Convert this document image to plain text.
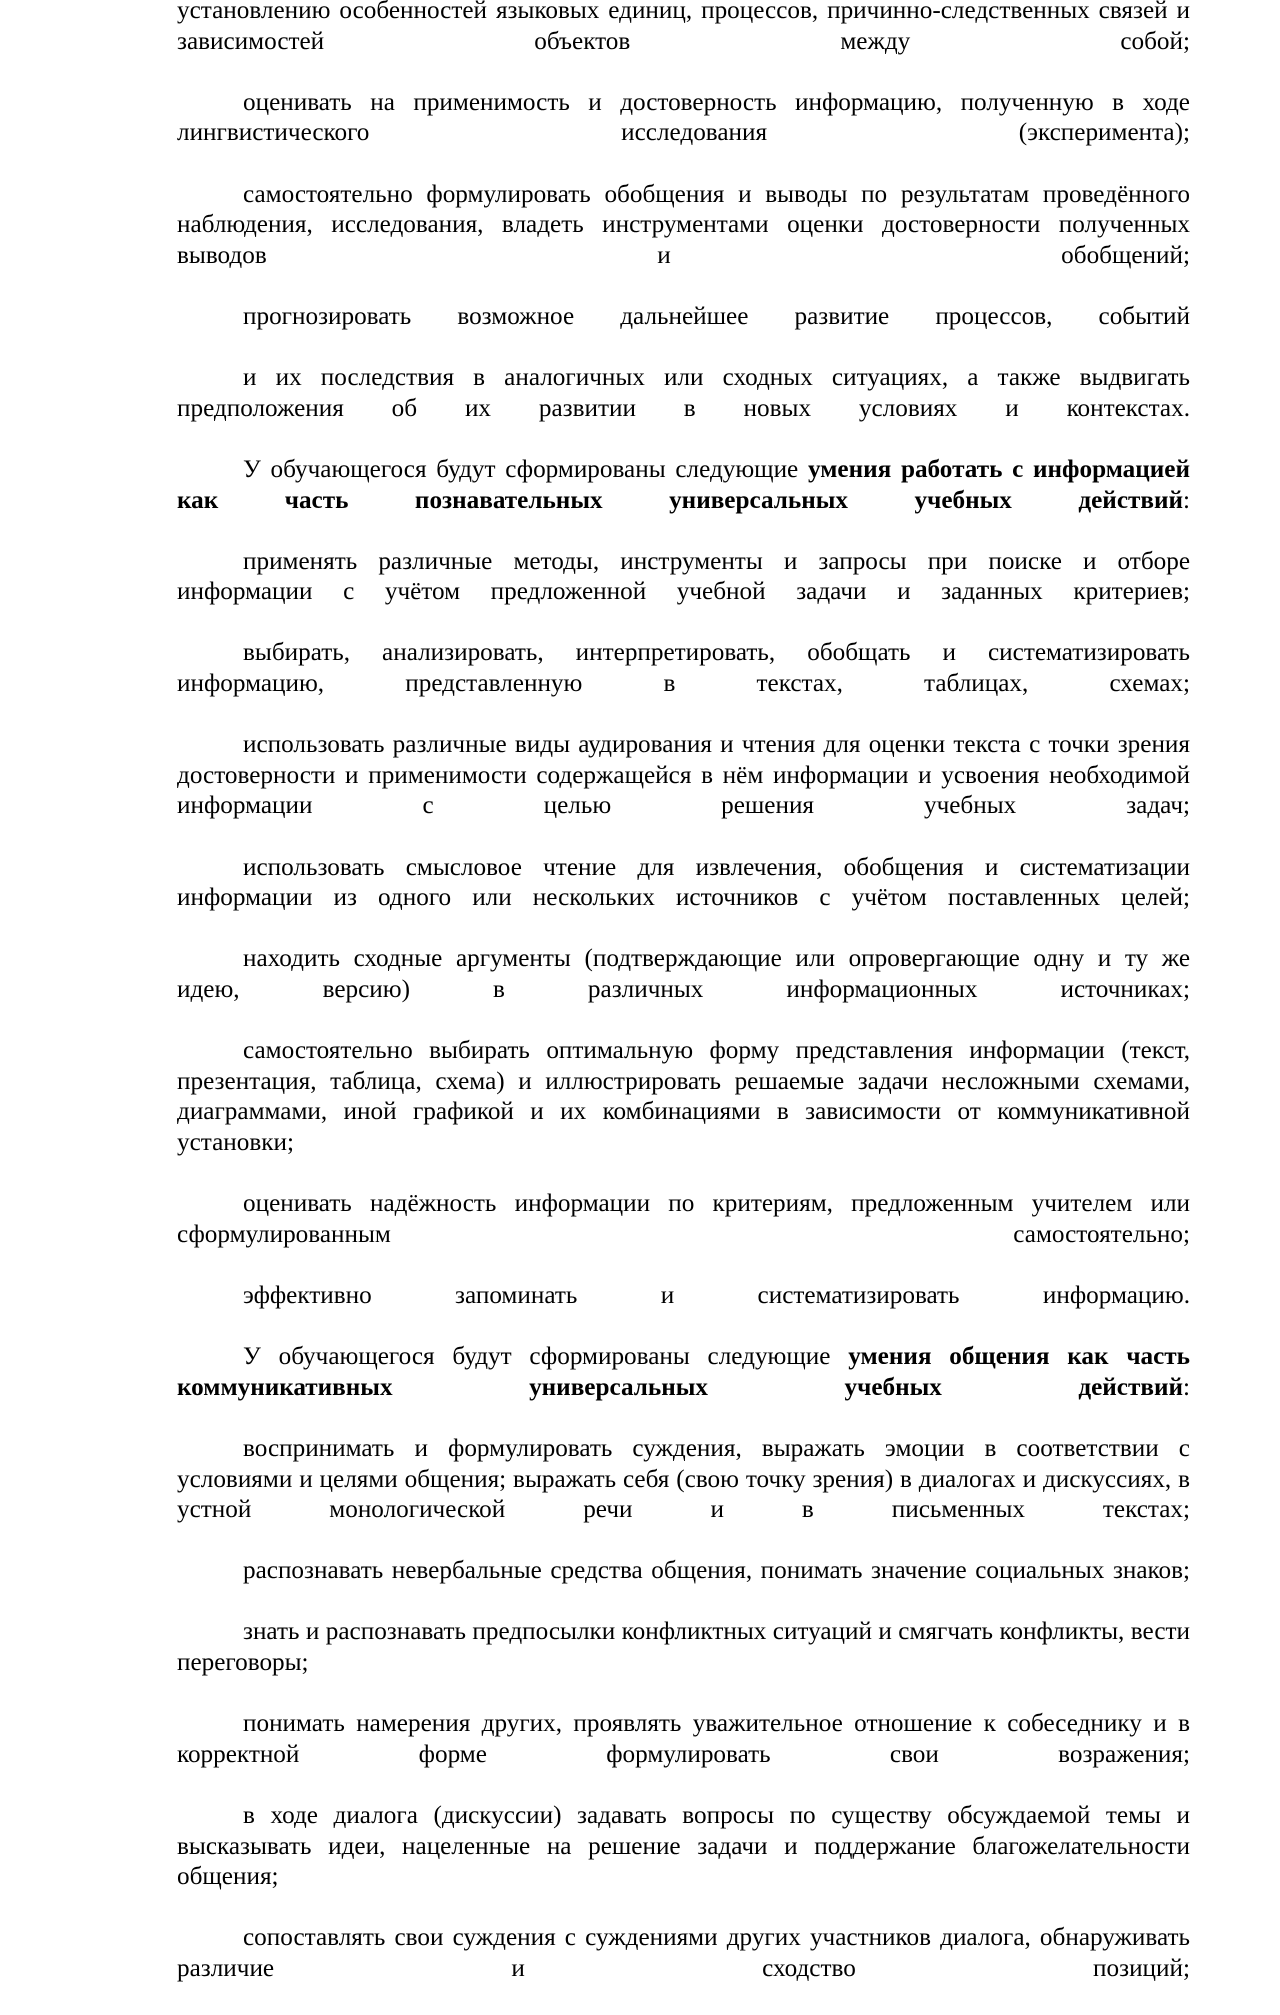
установлению особенностей языковых единиц, процессов, причинно-следственных связей и зависимостей объектов между собой;

оценивать на применимость и достоверность информацию, полученную в ходе лингвистического исследования (эксперимента);

самостоятельно формулировать обобщения и выводы по результатам проведённого наблюдения, исследования, владеть инструментами оценки достоверности полученных выводов и обобщений;

прогнозировать возможное дальнейшее развитие процессов, событий

и их последствия в аналогичных или сходных ситуациях, а также выдвигать предположения об их развитии в новых условиях и контекстах.

У обучающегося будут сформированы следующие умения работать с информацией как часть познавательных универсальных учебных действий:

применять различные методы, инструменты и запросы при поиске и отборе информации с учётом предложенной учебной задачи и заданных критериев;

выбирать, анализировать, интерпретировать, обобщать и систематизировать информацию, представленную в текстах, таблицах, схемах;

использовать различные виды аудирования и чтения для оценки текста с точки зрения достоверности и применимости содержащейся в нём информации и усвоения необходимой информации с целью решения учебных задач;

использовать смысловое чтение для извлечения, обобщения и систематизации информации из одного или нескольких источников с учётом поставленных целей;

находить сходные аргументы (подтверждающие или опровергающие одну и ту же идею, версию) в различных информационных источниках;

самостоятельно выбирать оптимальную форму представления информации (текст, презентация, таблица, схема) и иллюстрировать решаемые задачи несложными схемами, диаграммами, иной графикой и их комбинациями в зависимости от коммуникативной установки;

оценивать надёжность информации по критериям, предложенным учителем или сформулированным самостоятельно;

эффективно запоминать и систематизировать информацию.

У обучающегося будут сформированы следующие умения общения как часть коммуникативных универсальных учебных действий:

воспринимать и формулировать суждения, выражать эмоции в соответствии с условиями и целями общения; выражать себя (свою точку зрения) в диалогах и дискуссиях, в устной монологической речи и в письменных текстах;

распознавать невербальные средства общения, понимать значение социальных знаков;

знать и распознавать предпосылки конфликтных ситуаций и смягчать конфликты, вести переговоры;

понимать намерения других, проявлять уважительное отношение к собеседнику и в корректной форме формулировать свои возражения;

в ходе диалога (дискуссии) задавать вопросы по существу обсуждаемой темы и высказывать идеи, нацеленные на решение задачи и поддержание благожелательности общения;

сопоставлять свои суждения с суждениями других участников диалога, обнаруживать различие и сходство позиций;
